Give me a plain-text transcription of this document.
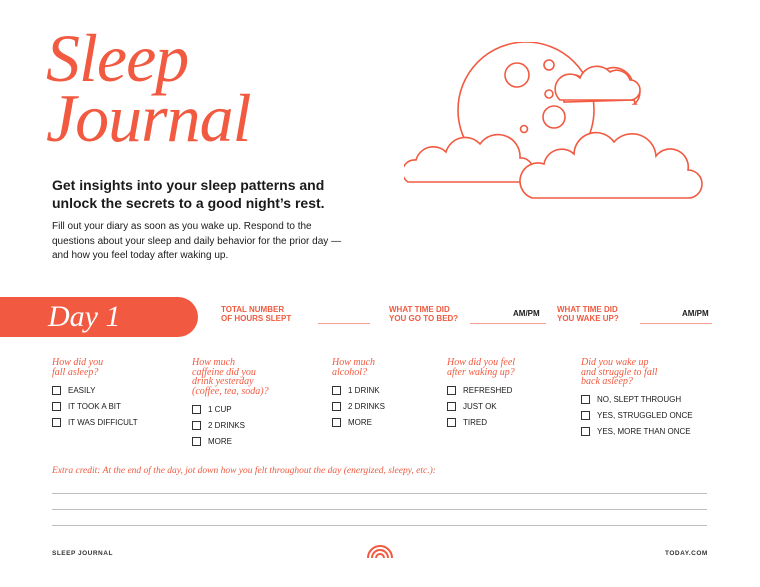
Sleep
Journal

Get insights into your sleep patterns and unlock the secrets to a good night’s rest.

Fill out your diary as soon as you wake up. Respond to the questions about your sleep and daily behavior for the prior day —and how you feel today after waking up.

Day 1	TOTAL NUMBER
OF HOURS SLEPT
WHAT TIME DID
YOU GO TO BED?
AM/PM WHAT TIME DID
YOU WAKE UP?
AM/PM

How did you
fall asleep?

EASILY
IT TOOK A BIT
IT WAS DIFFICULT

How much
caffeine did you
drink yesterday
(coffee, tea, soda)?

1 CUP
2 DRINKS
MORE

How much
alcohol?

1 DRINK
2 DRINKS
MORE

How did you feel
after waking up?

REFRESHED
JUST OK
TIRED

Did you wake up
and struggle to fall
back asleep?

NO, SLEPT THROUGH
YES, STRUGGLED ONCE
YES, MORE THAN ONCE

Extra credit: At the end of the day, jot down how you felt throughout the day (energized, sleepy, etc.):

SLEEP JOURNAL	TODAY.COM
